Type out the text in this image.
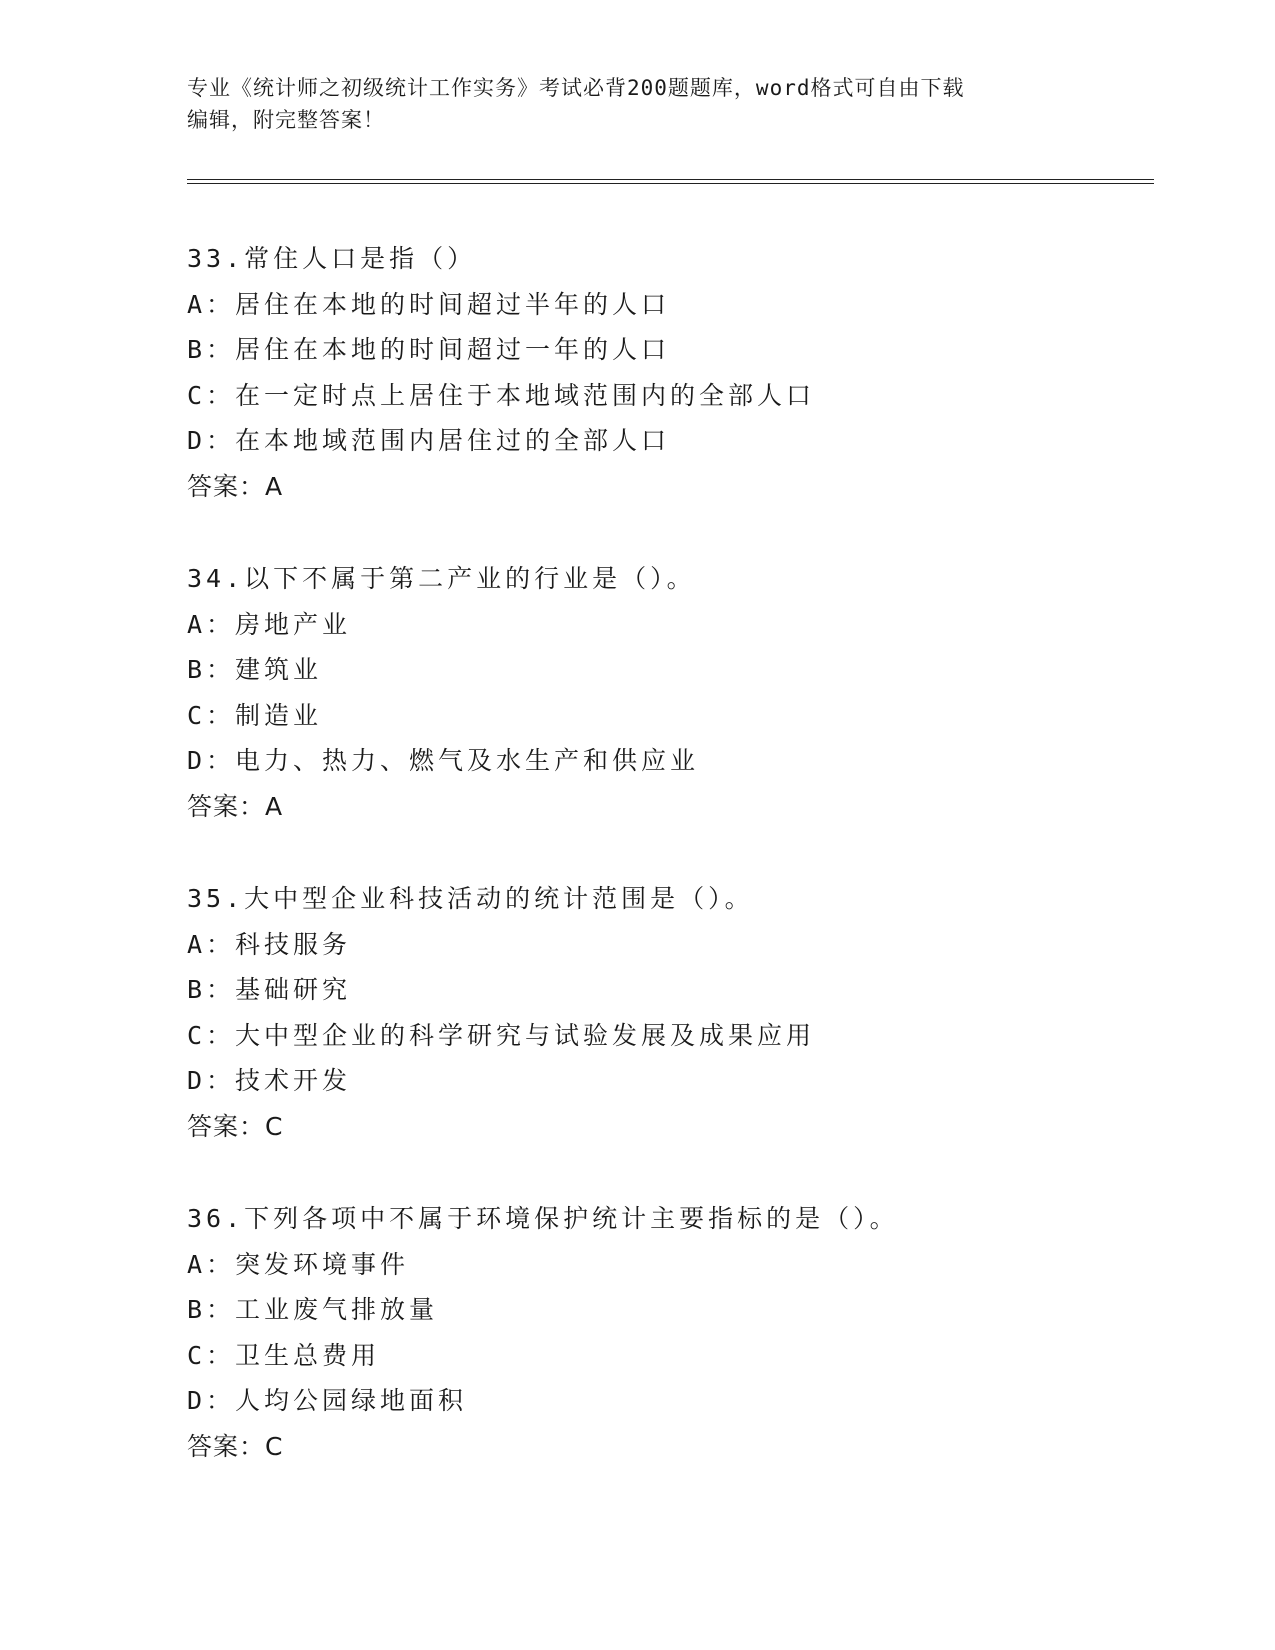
专业《统计师之初级统计工作实务》考试必背200题题库，word格式可自由下载
编辑，附完整答案！
33.常住人口是指（）
A：居住在本地的时间超过半年的人口
B：居住在本地的时间超过一年的人口
C：在一定时点上居住于本地域范围内的全部人口
D：在本地域范围内居住过的全部人口
答案：A
34.以下不属于第二产业的行业是（）。
A：房地产业
B：建筑业
C：制造业
D：电力、热力、燃气及水生产和供应业
答案：A
35.大中型企业科技活动的统计范围是（）。
A：科技服务
B：基础研究
C：大中型企业的科学研究与试验发展及成果应用
D：技术开发
答案：C
36.下列各项中不属于环境保护统计主要指标的是（）。
A：突发环境事件
B：工业废气排放量
C：卫生总费用
D：人均公园绿地面积
答案：C
